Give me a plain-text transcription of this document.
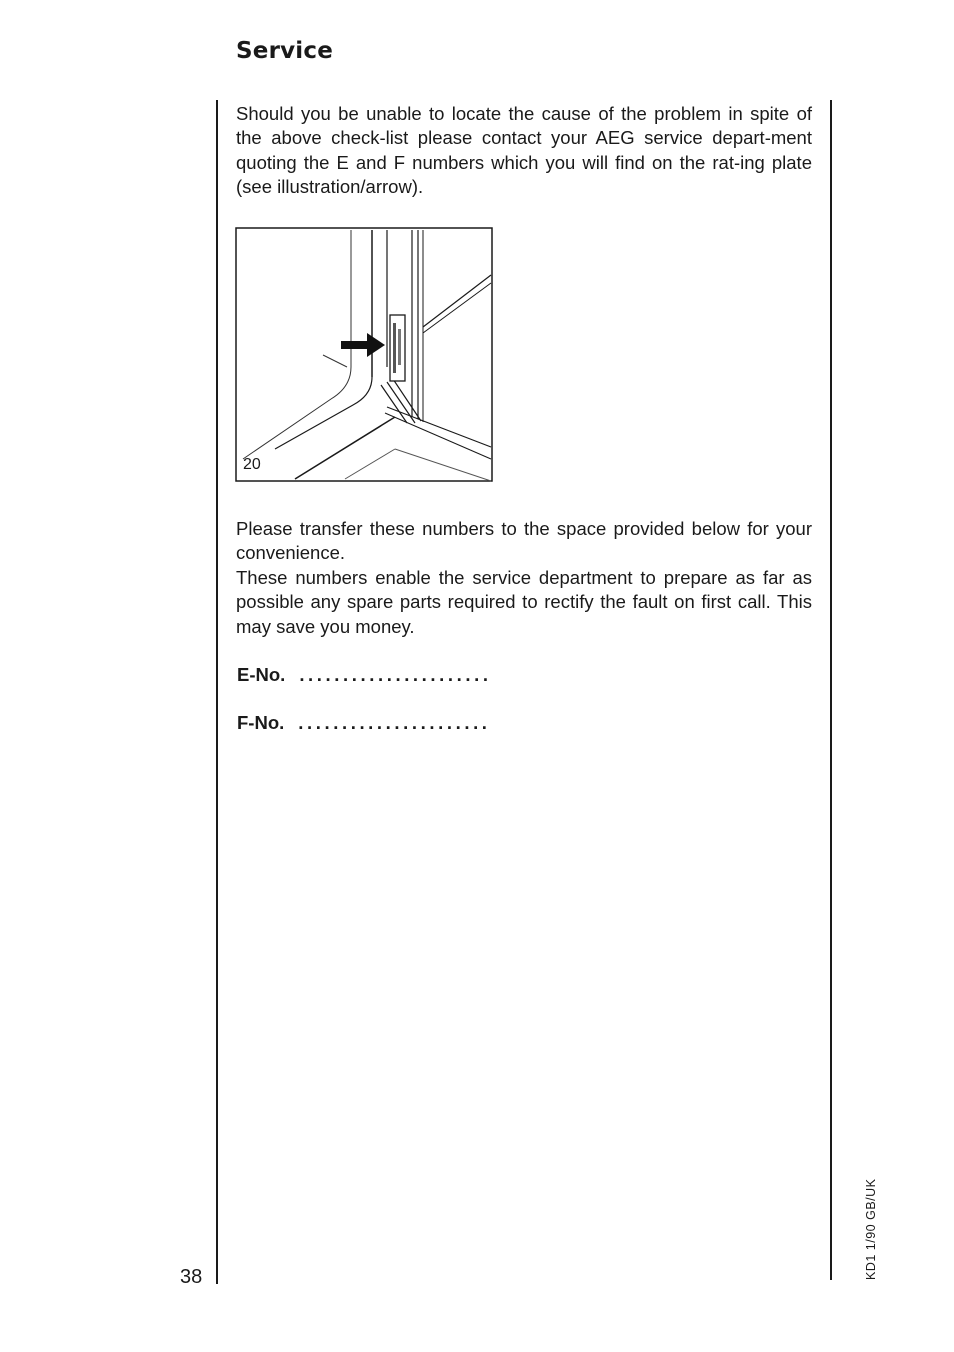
Service

Should you be unable to locate the cause of the problem in spite of the above check-list please contact your AEG service depart-ment quoting the E and F numbers which you will find on the rat-ing plate (see illustration/arrow).

20

Please transfer these numbers to the space provided below for your convenience.

These numbers enable the service department to prepare as far as possible any spare parts required to rectify the fault on first call. This may save you money.

E-No. ......................
F-No. ......................
38	KD1 1/90 GB/UK
